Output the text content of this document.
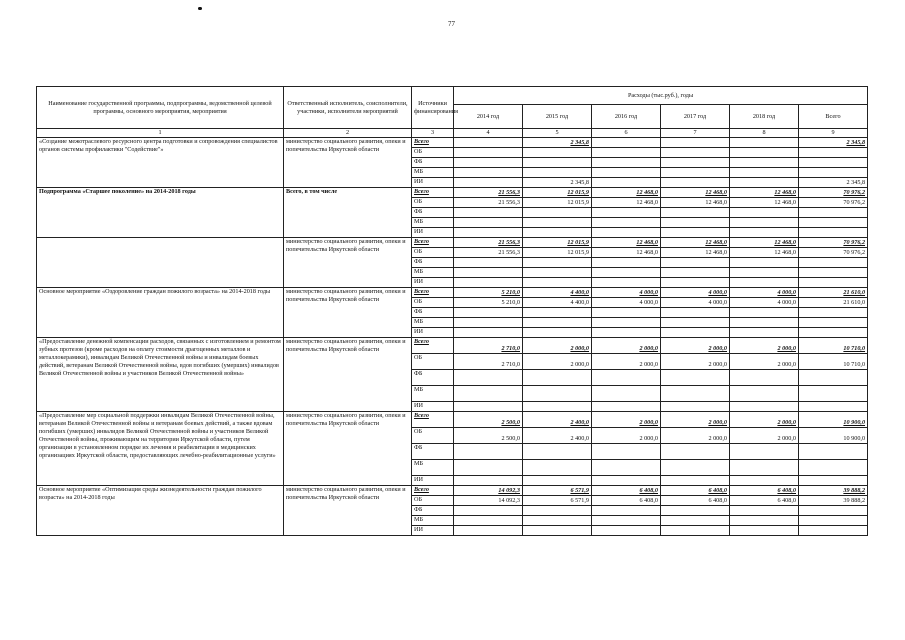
77
Наименование государственной программы, подпрограммы, ведомственной целевой программы, основного мероприятия, мероприятия	Ответственный исполнитель, соисполнители, участники, исполнители мероприятий	Источники финансирования	Расходы (тыс.руб.), годы					
			2014 год	2015 год	2016 год	2017 год	2018 год	Всего
1	2	3	4	5	6	7	8	9
«Создание межотраслевого ресурсного центра подготовки и сопровождения специалистов органов системы профилактики "Содействие"»	министерство социального развития, опеки и попечительства Иркутской области	Всего		2 345,8				2 345,8
		ОБ						
		ФБ						
		МБ						
		ИИ		2 345,8				2 345,8
Подпрограмма «Старшее поколение» на 2014-2018 годы	Всего, в том числе	Всего	21 556,3	12 015,9	12 468,0	12 468,0	12 468,0	70 976,2
		ОБ	21 556,3	12 015,9	12 468,0	12 468,0	12 468,0	70 976,2
		ФБ						
		МБ						
		ИИ						
	министерство социального развития, опеки и попечительства Иркутской области	Всего	21 556,3	12 015,9	12 468,0	12 468,0	12 468,0	70 976,2
		ОБ	21 556,3	12 015,9	12 468,0	12 468,0	12 468,0	70 976,2
		ФБ						
		МБ						
		ИИ						
Основное мероприятие «Оздоровление граждан пожилого возраста» на 2014-2018 годы	министерство социального развития, опеки и попечительства Иркутской области	Всего	5 210,0	4 400,0	4 000,0	4 000,0	4 000,0	21 610,0
		ОБ	5 210,0	4 400,0	4 000,0	4 000,0	4 000,0	21 610,0
		ФБ						
		МБ						
		ИИ						
«Предоставление денежной компенсации расходов, связанных с изготовлением и ремонтом зубных протезов (кроме расходов на оплату стоимости драгоценных металлов и металлокерамики), инвалидам Великой Отечественной войны и инвалидам боевых действий, ветеранам Великой Отечественной войны, вдов погибших (умерших) инвалидов Великой Отечественной войны и участников Великой Отечественной войны»	министерство социального развития, опеки и попечительства Иркутской области	Всего	2 710,0	2 000,0	2 000,0	2 000,0	2 000,0	10 710,0
		ОБ	2 710,0	2 000,0	2 000,0	2 000,0	2 000,0	10 710,0
		ФБ						
		МБ						
		ИИ						
«Предоставление мер социальной поддержки инвалидам Великой Отечественной войны, ветеранам Великой Отечественной войны и ветеранам боевых действий, а также вдовам погибших (умерших) инвалидов Великой Отечественной войны и участников Великой Отечественной войны, проживающим на территории Иркутской области, путем организации в установленном порядке их лечения и реабилитации в медицинских организациях Иркутской области, предоставляющих лечебно-реабилитационные услуги»	министерство социального развития, опеки и попечительства Иркутской области	Всего	2 500,0	2 400,0	2 000,0	2 000,0	2 000,0	10 900,0
		ОБ	2 500,0	2 400,0	2 000,0	2 000,0	2 000,0	10 900,0
		ФБ						
		МБ						
		ИИ						
Основное мероприятие «Оптимизация среды жизнедеятельности граждан пожилого возраста» на 2014-2018 годы	министерство социального развития, опеки и попечительства Иркутской области	Всего	14 092,3	6 571,9	6 408,0	6 408,0	6 408,0	39 888,2
		ОБ	14 092,3	6 571,9	6 408,0	6 408,0	6 408,0	39 888,2
		ФБ						
		МБ						
		ИИ						
